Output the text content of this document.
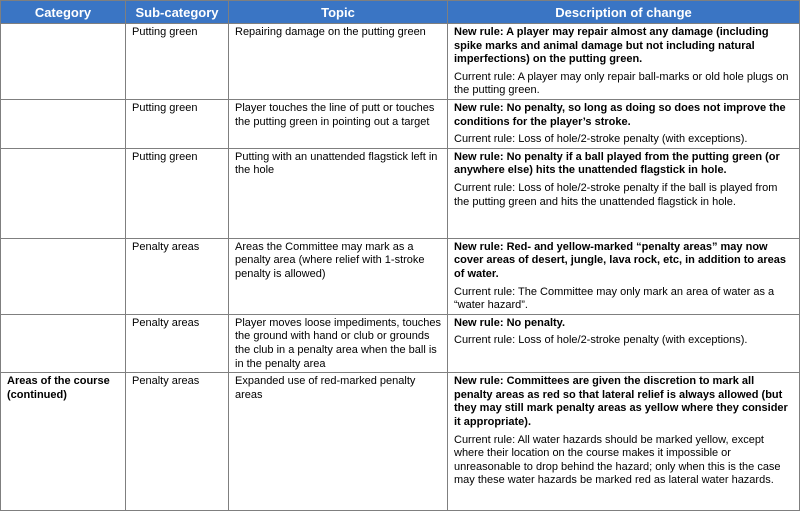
Category	Sub-category	Topic	Description of change
	Putting green	Repairing damage on the putting green	New rule: A player may repair almost any damage (including spike marks and animal damage but not including natural imperfections) on the putting green.

Current rule: A player may only repair ball-marks or old hole plugs on the putting green.

	Putting green	Player touches the line of putt or touches the putting green in pointing out a target	New rule: No penalty, so long as doing so does not improve the conditions for the player’s stroke.

Current rule: Loss of hole/2-stroke penalty (with exceptions).

	Putting green	Putting with an unattended flagstick left in the hole	New rule: No penalty if a ball played from the putting green (or anywhere else) hits the unattended flagstick in hole.

Current rule: Loss of hole/2-stroke penalty if the ball is played from the putting green and hits the unattended flagstick in hole.

	Penalty areas	Areas the Committee may mark as a penalty area (where relief with 1-stroke penalty is allowed)	New rule: Red- and yellow-marked “penalty areas” may now cover areas of desert, jungle, lava rock, etc, in addition to areas of water.

Current rule: The Committee may only mark an area of water as a “water hazard”.

	Penalty areas	Player moves loose impediments, touches the ground with hand or club or grounds the club in a penalty area when the ball is in the penalty area	New rule: No penalty.

Current rule: Loss of hole/2-stroke penalty (with exceptions).

Areas of the course (continued)	Penalty areas	Expanded use of red-marked penalty areas	New rule: Committees are given the discretion to mark all penalty areas as red so that lateral relief is always allowed (but they may still mark penalty areas as yellow where they consider it appropriate).

Current rule: All water hazards should be marked yellow, except where their location on the course makes it impossible or unreasonable to drop behind the hazard; only when this is the case may these water hazards be marked red as lateral water hazards.
